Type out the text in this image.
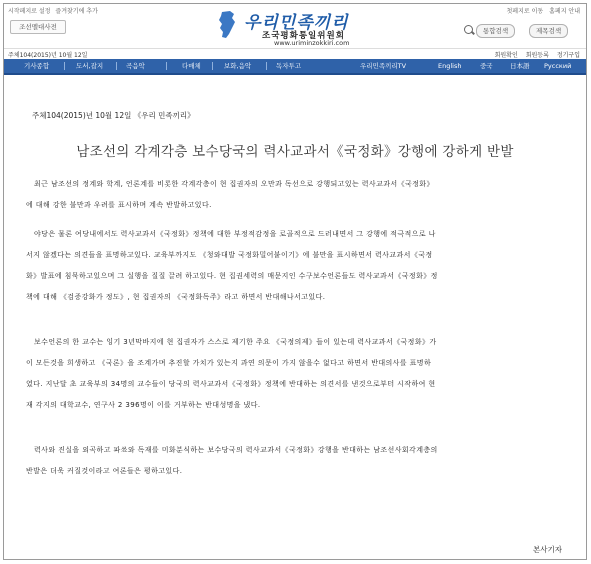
시작페지로 설정 즐겨찾기에 추가	첫페지로 이동 홈페지 안내
조선멜대사전	우리민족끼리
조국평화통일위원회
www.uriminzokkiri.com
통합검색	제목검색
주체104(2015)년 10월 12일	회원확인 회원등록 정기구입
기사종합	도서,잡지	곡음악	다매체	보화,음악	독자투고	우리민족끼리TV	English	중국	日本語 Русский
주체104(2015)년 10월 12일 《우리 민족끼리》
남조선의 각계각층 보수당국의 력사교과서《국정화》강행에 강하게 반발
최근 남조선의 정계와 학계, 언론계를 비롯한 각계각층이 현 집권자의 오만과 독선으로 강행되고있는 력사교과서《국정화》
에 대해 강한 불만과 우려를 표시하며 계속 반발하고있다.
야당은 물론 여당내에서도 력사교과서《국정화》정책에 대한 부정적감정을 로골적으로 드러내면서 그 강행에 적극적으로 나
서지 않겠다는 의견들을 표명하고있다. 교육부까지도 《청와대발 국정화밀어붙이기》에 불만을 표시하면서 력사교과서《국정
화》발표에 침묵하고있으며 그 실행을 질질 끌려 하고있다. 현 집권세력의 매문지인 수구보수언론들도 력사교과서《국정화》정
책에 대해 《검증강화가 정도》, 현 집권자의 《국정화독주》라고 하면서 반대해나서고있다.
보수언론의 한 교수는 잉기 3년막바지에 현 집권자가 스스로 제기한 주요 《국정의제》들이 있는데 력사교과서《국정화》가
이 모든것을 희생하고 《국론》을 조계가며 추진할 가치가 있는지 과연 의문이 가지 않을수 없다고 하면서 반대의사를 표명하
였다. 지난달 초 교육부의 34명의 교수들이 당국의 력사교과서《국정화》정책에 반대하는 의견서를 낸것으로부터 시작하여 현
재 각지의 대학교수, 연구사 2 396명이 이를 거부하는 반대성명을 냈다.
력사와 진실을 외곡하고 파쑈와 독재를 미화분식하는 보수당국의 력사교과서《국정화》강행을 반대하는 남조선사회각계층의
반발은 더욱 커질것이라고 여론들은 평하고있다.
본사기자
